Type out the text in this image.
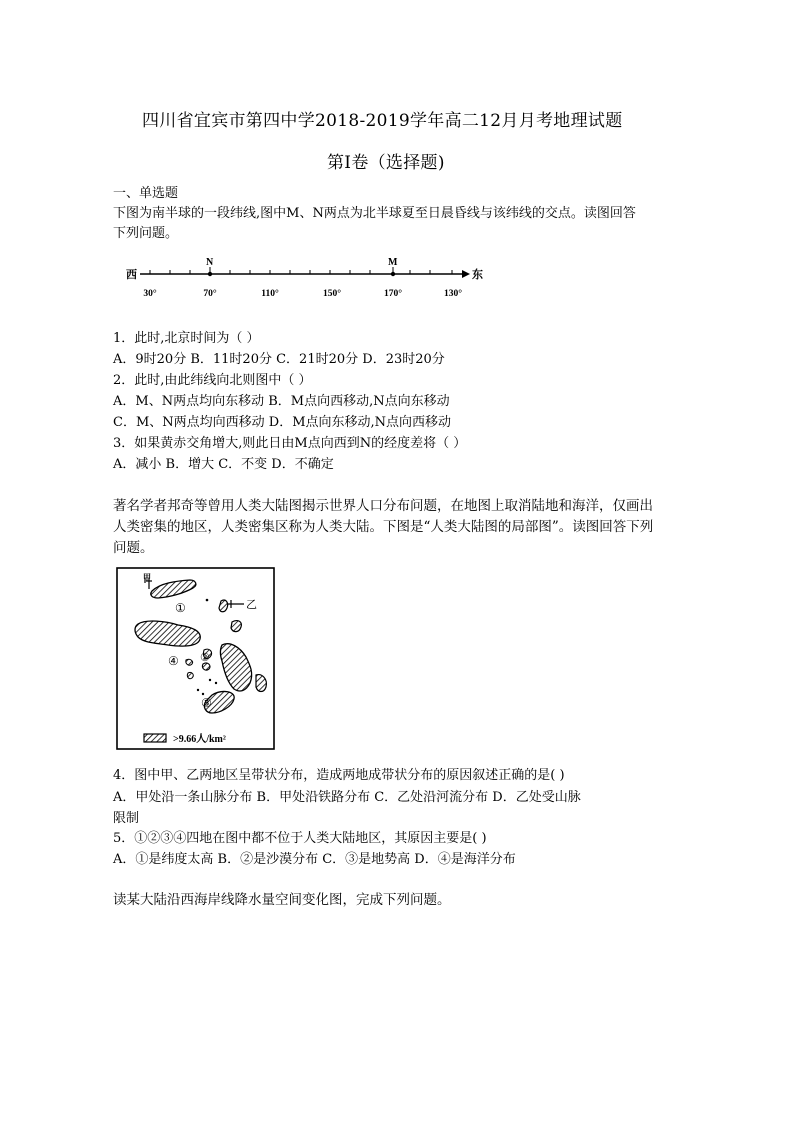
四川省宜宾市第四中学2018-2019学年高二12月月考地理试题
第Ⅰ卷（选择题)
一、单选题
下图为南半球的一段纬线,图中M、N两点为北半球夏至日晨昏线与该纬线的交点。读图回答
下列问题。
西	东
N	M
30°	70°	110°	150°	170°	130°
1．此时,北京时间为（ ）
A．9时20分 B．11时20分 C．21时20分 D．23时20分
2．此时,由此纬线向北则图中（ ）
A．M、N两点均向东移动 B．M点向西移动,N点向东移动
C．M、N两点均向西移动 D．M点向东移动,N点向西移动
3．如果黄赤交角增大,则此日由M点向西到N的经度差将（ ）
A．减小 B．增大 C．不变 D．不确定
著名学者邦奇等曾用人类大陆图揭示世界人口分布问题，在地图上取消陆地和海洋，仅画出
人类密集的地区，人类密集区称为人类大陆。下图是“人类大陆图的局部图”。读图回答下列
问题。
甲
乙
①
②
④
③
>9.66人/km²
4．图中甲、乙两地区呈带状分布，造成两地成带状分布的原因叙述正确的是( )
A．甲处沿一条山脉分布 B．甲处沿铁路分布 C．乙处沿河流分布 D．乙处受山脉
限制
5．①②③④四地在图中都不位于人类大陆地区，其原因主要是( )
A．①是纬度太高 B．②是沙漠分布 C．③是地势高 D．④是海洋分布
读某大陆沿西海岸线降水量空间变化图，完成下列问题。
